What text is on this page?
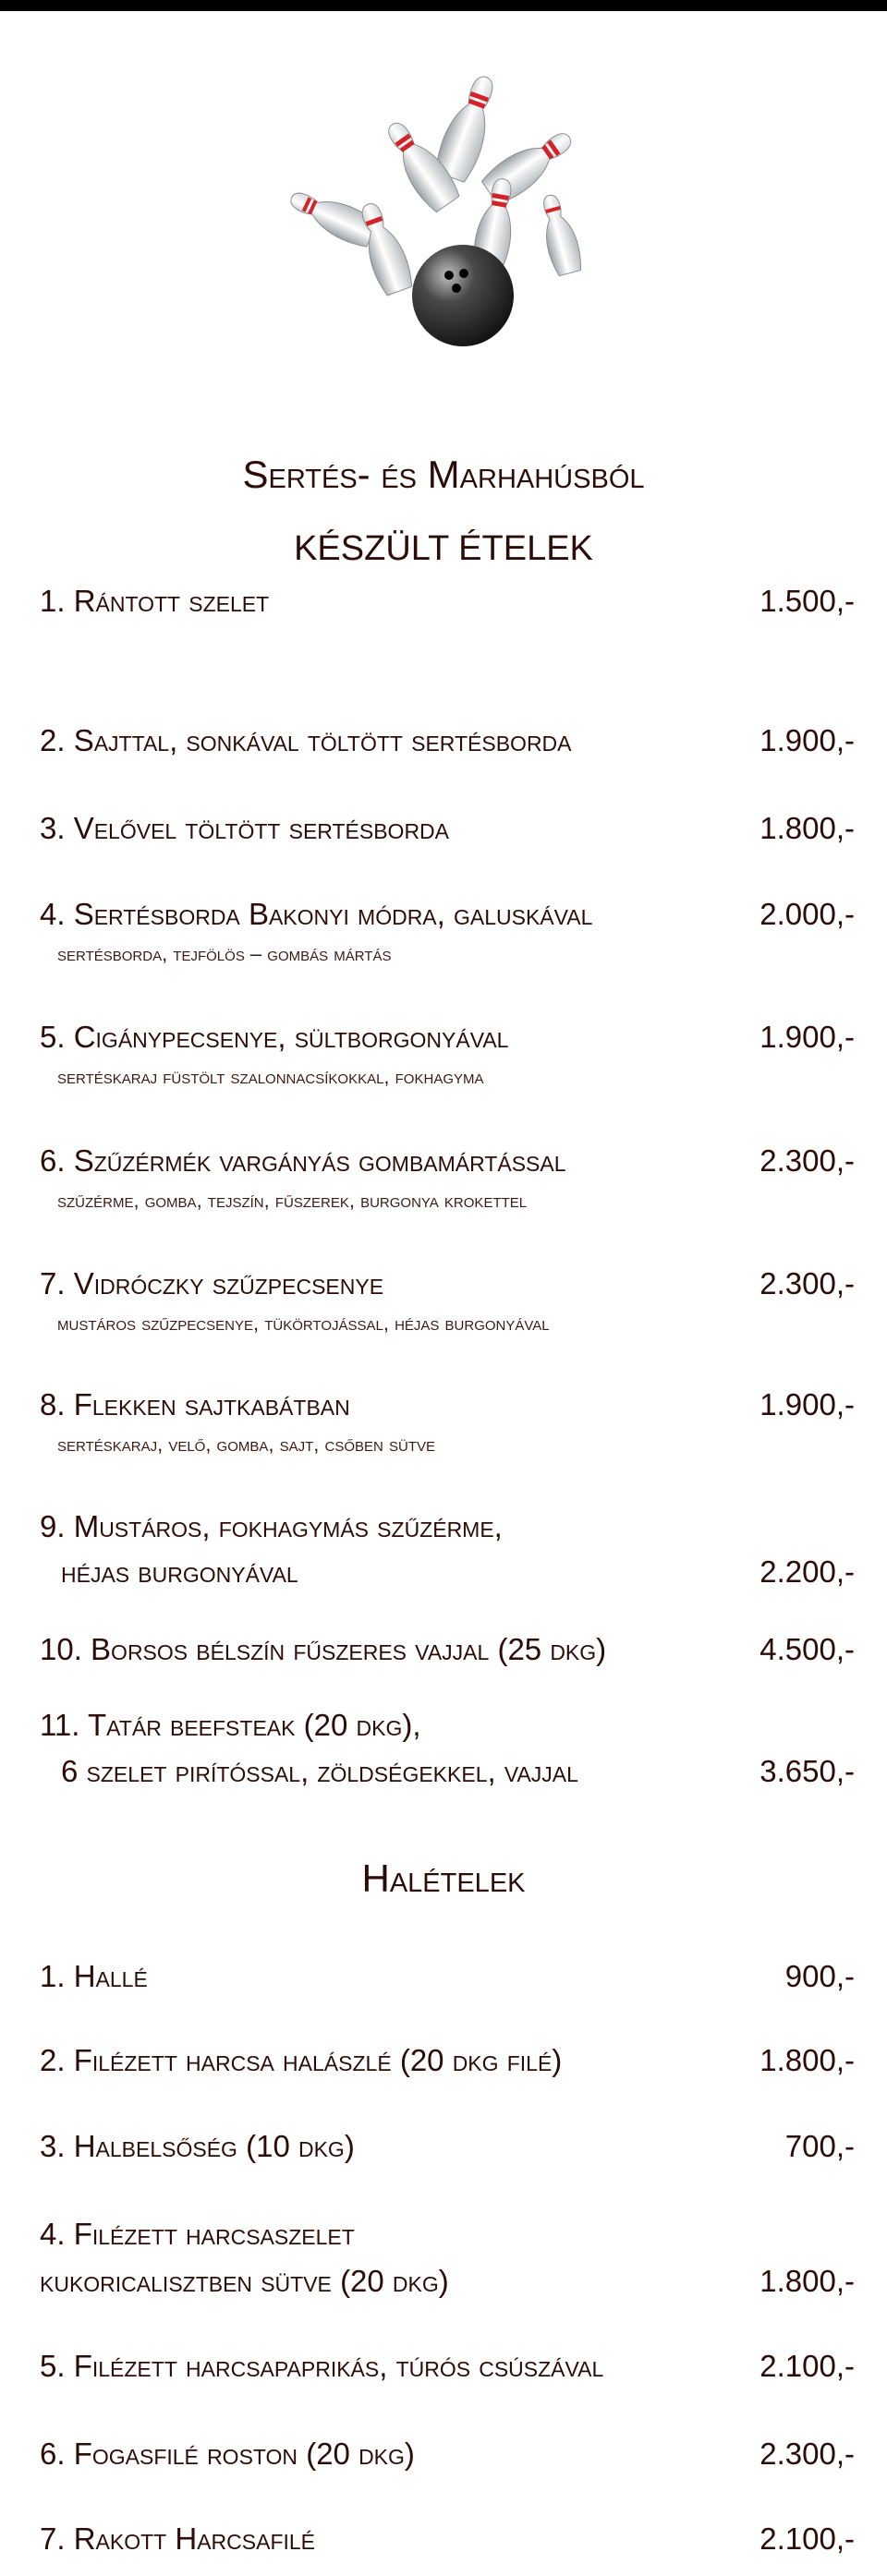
Sertés- és Marhahúsból
KÉSZÜLT ÉTELEK
1. Rántott szelet	1.500,-
2. Sajttal, sonkával töltött sertésborda	1.900,-
3. Velővel töltött sertésborda	1.800,-
4. Sertésborda Bakonyi módra, galuskával	2.000,-
sertésborda, tejfölös – gombás mártás
5. Cigánypecsenye, sültborgonyával	1.900,-
sertéskaraj füstölt szalonnacsíkokkal, fokhagyma
6. Szűzérmék vargányás gombamártással	2.300,-
szűzérme, gomba, tejszín, fűszerek, burgonya krokettel
7. Vidróczky szűzpecsenye	2.300,-
mustáros szűzpecsenye, tükörtojással, héjas burgonyával
8. Flekken sajtkabátban	1.900,-
sertéskaraj, velő, gomba, sajt, csőben sütve
9. Mustáros, fokhagymás szűzérme,
héjas burgonyával	2.200,-
10. Borsos bélszín fűszeres vajjal (25 dkg)	4.500,-
11. Tatár beefsteak (20 dkg),
6 szelet pirítóssal, zöldségekkel, vajjal	3.650,-
Halételek
1. Hallé	900,-
2. Filézett harcsa halászlé (20 dkg filé)	1.800,-
3. Halbelsőség (10 dkg)	700,-
4. Filézett harcsaszelet
kukoricalisztben sütve (20 dkg)	1.800,-
5. Filézett harcsapaprikás, túrós csúszával	2.100,-
6. Fogasfilé roston (20 dkg)	2.300,-
7. Rakott Harcsafilé	2.100,-
